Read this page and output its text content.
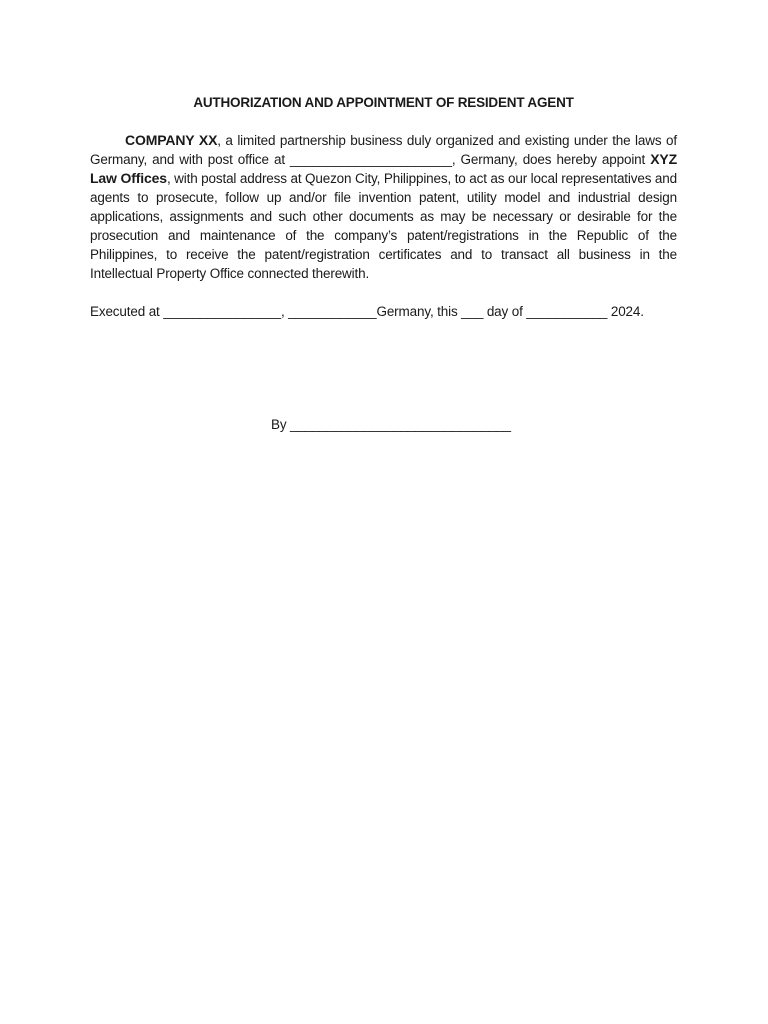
AUTHORIZATION AND APPOINTMENT OF RESIDENT AGENT
COMPANY XX, a limited partnership business duly organized and existing under the laws of Germany, and with post office at ______________________, Germany, does hereby appoint XYZ Law Offices, with postal address at Quezon City, Philippines, to act as our local representatives and agents to prosecute, follow up and/or file invention patent, utility model and industrial design applications, assignments and such other documents as may be necessary or desirable for the prosecution and maintenance of the company’s patent/registrations in the Republic of the Philippines, to receive the patent/registration certificates and to transact all business in the Intellectual Property Office connected therewith.
Executed at ________________, ____________Germany, this ___ day of ___________ 2024.
By ______________________________
